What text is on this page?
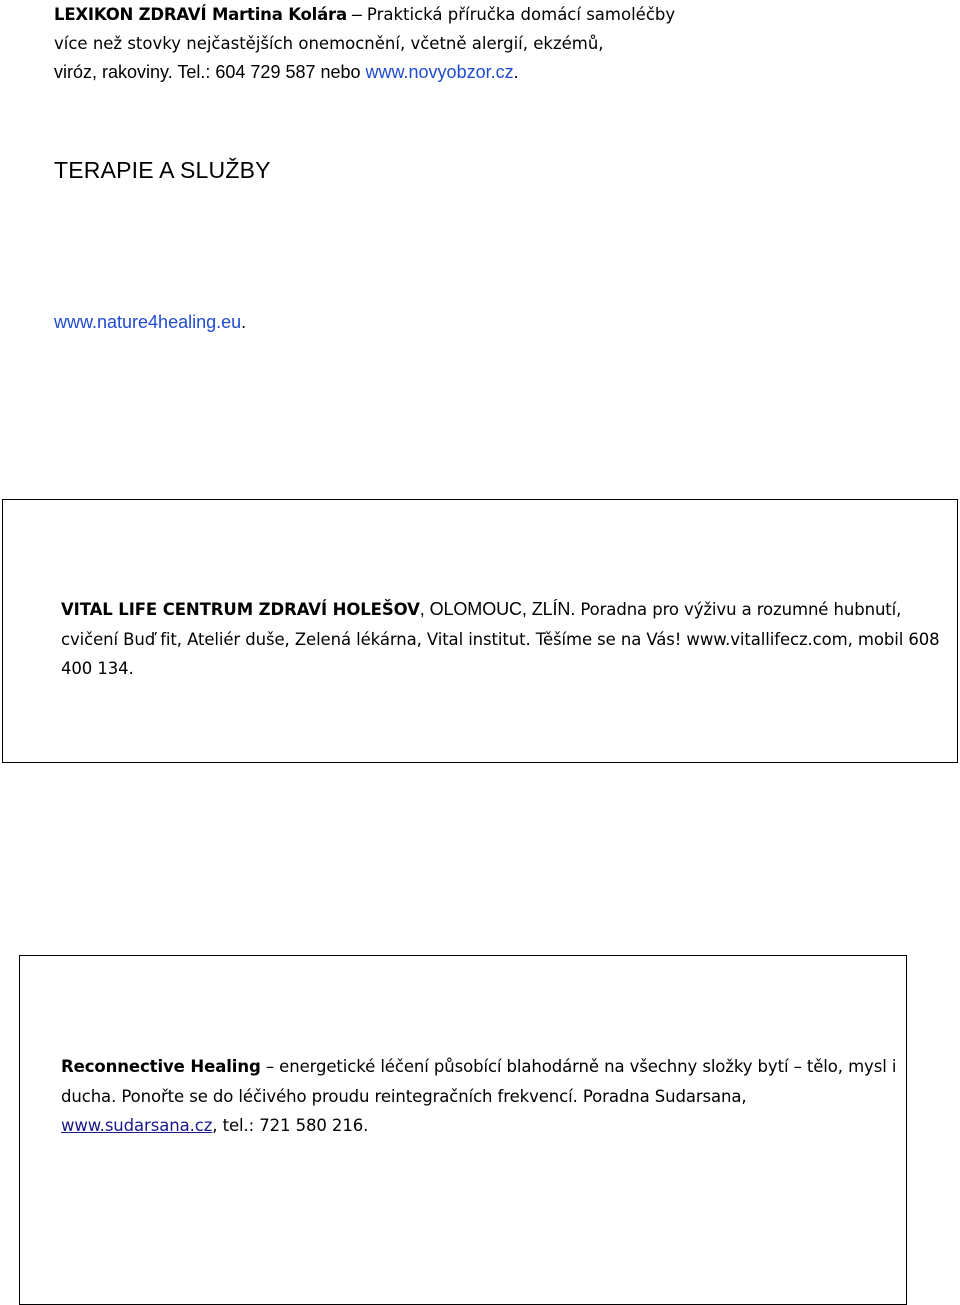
LEXIKON ZDRAVÍ Martina Kolára – Praktická příručka domácí samoléčby
více než stovky nejčastějších onemocnění, včetně alergií, ekzémů,
viróz, rakoviny. Tel.: 604 729 587 nebo www.novyobzor.cz.
TERAPIE A SLUŽBY
www.nature4healing.eu.
VITAL LIFE CENTRUM ZDRAVÍ HOLEŠOV, OLOMOUC, ZLÍN. Poradna pro výživu a rozumné hubnutí, cvičení Buď fit, Ateliér duše, Zelená lékárna, Vital institut. Těšíme se na Vás! www.vitallifecz.com, mobil 608 400 134.
Reconnective Healing – energetické léčení působící blahodárně na všechny složky bytí – tělo, mysl i ducha. Ponořte se do léčivého proudu reintegračních frekvencí. Poradna Sudarsana, www.sudarsana.cz, tel.: 721 580 216.
